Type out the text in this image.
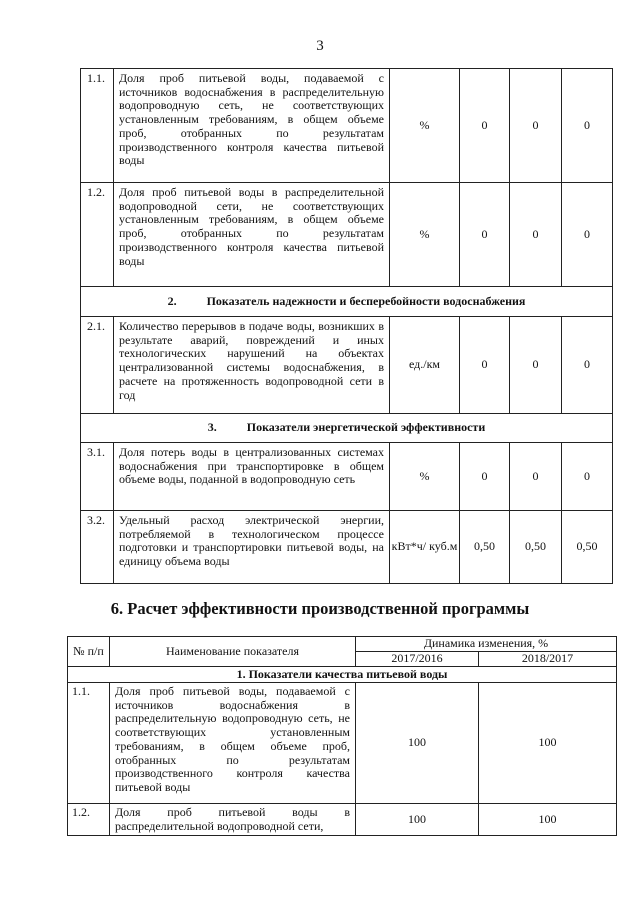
3
1.1.	Доля проб питьевой воды, подаваемой с источников водоснабжения в распределительную водопроводную сеть, не соответствующих установленным требованиям, в общем объеме проб, отобранных по результатам производственного контроля качества питьевой воды	%	0	0	0
1.2.	Доля проб питьевой воды в распределительной водопроводной сети, не соответствующих установленным требованиям, в общем объеме проб, отобранных по результатам производственного контроля качества питьевой воды	%	0	0	0
2. Показатель надежности и бесперебойности водоснабжения					
2.1.	Количество перерывов в подаче воды, возникших в результате аварий, повреждений и иных технологических нарушений на объектах централизованной системы водоснабжения, в расчете на протяженность водопроводной сети в год	ед./км	0	0	0
3. Показатели энергетической эффективности					
3.1.	Доля потерь воды в централизованных системах водоснабжения при транспортировке в общем объеме воды, поданной в водопроводную сеть	%	0	0	0
3.2.	Удельный расход электрической энергии, потребляемой в технологическом процессе подготовки и транспортировки питьевой воды, на единицу объема воды	кВт*ч/ куб.м	0,50	0,50	0,50
6. Расчет эффективности производственной программы
№ п/п	Наименование показателя	Динамика изменения, %	
		2017/2016	2018/2017
1. Показатели качества питьевой воды			
1.1.	Доля проб питьевой воды, подаваемой с источников водоснабжения в распределительную водопроводную сеть, не соответствующих установленным требованиям, в общем объеме проб, отобранных по результатам производственного контроля качества питьевой воды	100	100
1.2.	Доля проб питьевой воды в распределительной водопроводной сети,	100	100
